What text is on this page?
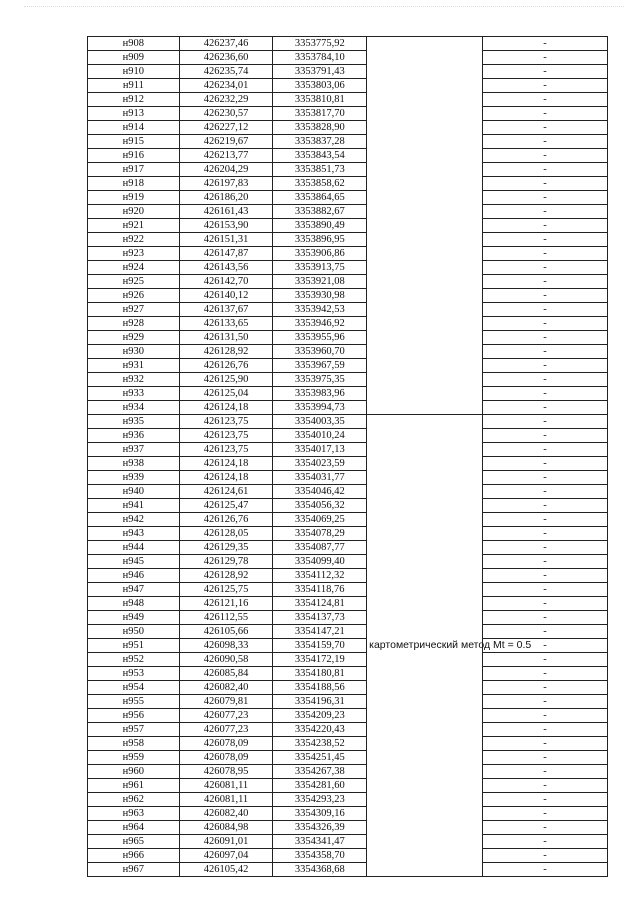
н908	426237,46	3353775,92		-
н909	426236,60	3353784,10		-
н910	426235,74	3353791,43		-
н911	426234,01	3353803,06		-
н912	426232,29	3353810,81		-
н913	426230,57	3353817,70		-
н914	426227,12	3353828,90		-
н915	426219,67	3353837,28		-
н916	426213,77	3353843,54		-
н917	426204,29	3353851,73		-
н918	426197,83	3353858,62		-
н919	426186,20	3353864,65		-
н920	426161,43	3353882,67		-
н921	426153,90	3353890,49		-
н922	426151,31	3353896,95		-
н923	426147,87	3353906,86		-
н924	426143,56	3353913,75		-
н925	426142,70	3353921,08		-
н926	426140,12	3353930,98		-
н927	426137,67	3353942,53		-
н928	426133,65	3353946,92		-
н929	426131,50	3353955,96		-
н930	426128,92	3353960,70		-
н931	426126,76	3353967,59		-
н932	426125,90	3353975,35		-
н933	426125,04	3353983,96		-
н934	426124,18	3353994,73		-
н935	426123,75	3354003,35	картометрический метод Mt = 0.5	-
н936	426123,75	3354010,24		-
н937	426123,75	3354017,13		-
н938	426124,18	3354023,59		-
н939	426124,18	3354031,77		-
н940	426124,61	3354046,42		-
н941	426125,47	3354056,32		-
н942	426126,76	3354069,25		-
н943	426128,05	3354078,29		-
н944	426129,35	3354087,77		-
н945	426129,78	3354099,40		-
н946	426128,92	3354112,32		-
н947	426125,75	3354118,76		-
н948	426121,16	3354124,81		-
н949	426112,55	3354137,73		-
н950	426105,66	3354147,21		-
н951	426098,33	3354159,70		-
н952	426090,58	3354172,19		-
н953	426085,84	3354180,81		-
н954	426082,40	3354188,56		-
н955	426079,81	3354196,31		-
н956	426077,23	3354209,23		-
н957	426077,23	3354220,43		-
н958	426078,09	3354238,52		-
н959	426078,09	3354251,45		-
н960	426078,95	3354267,38		-
н961	426081,11	3354281,60		-
н962	426081,11	3354293,23		-
н963	426082,40	3354309,16		-
н964	426084,98	3354326,39		-
н965	426091,01	3354341,47		-
н966	426097,04	3354358,70		-
н967	426105,42	3354368,68		-
